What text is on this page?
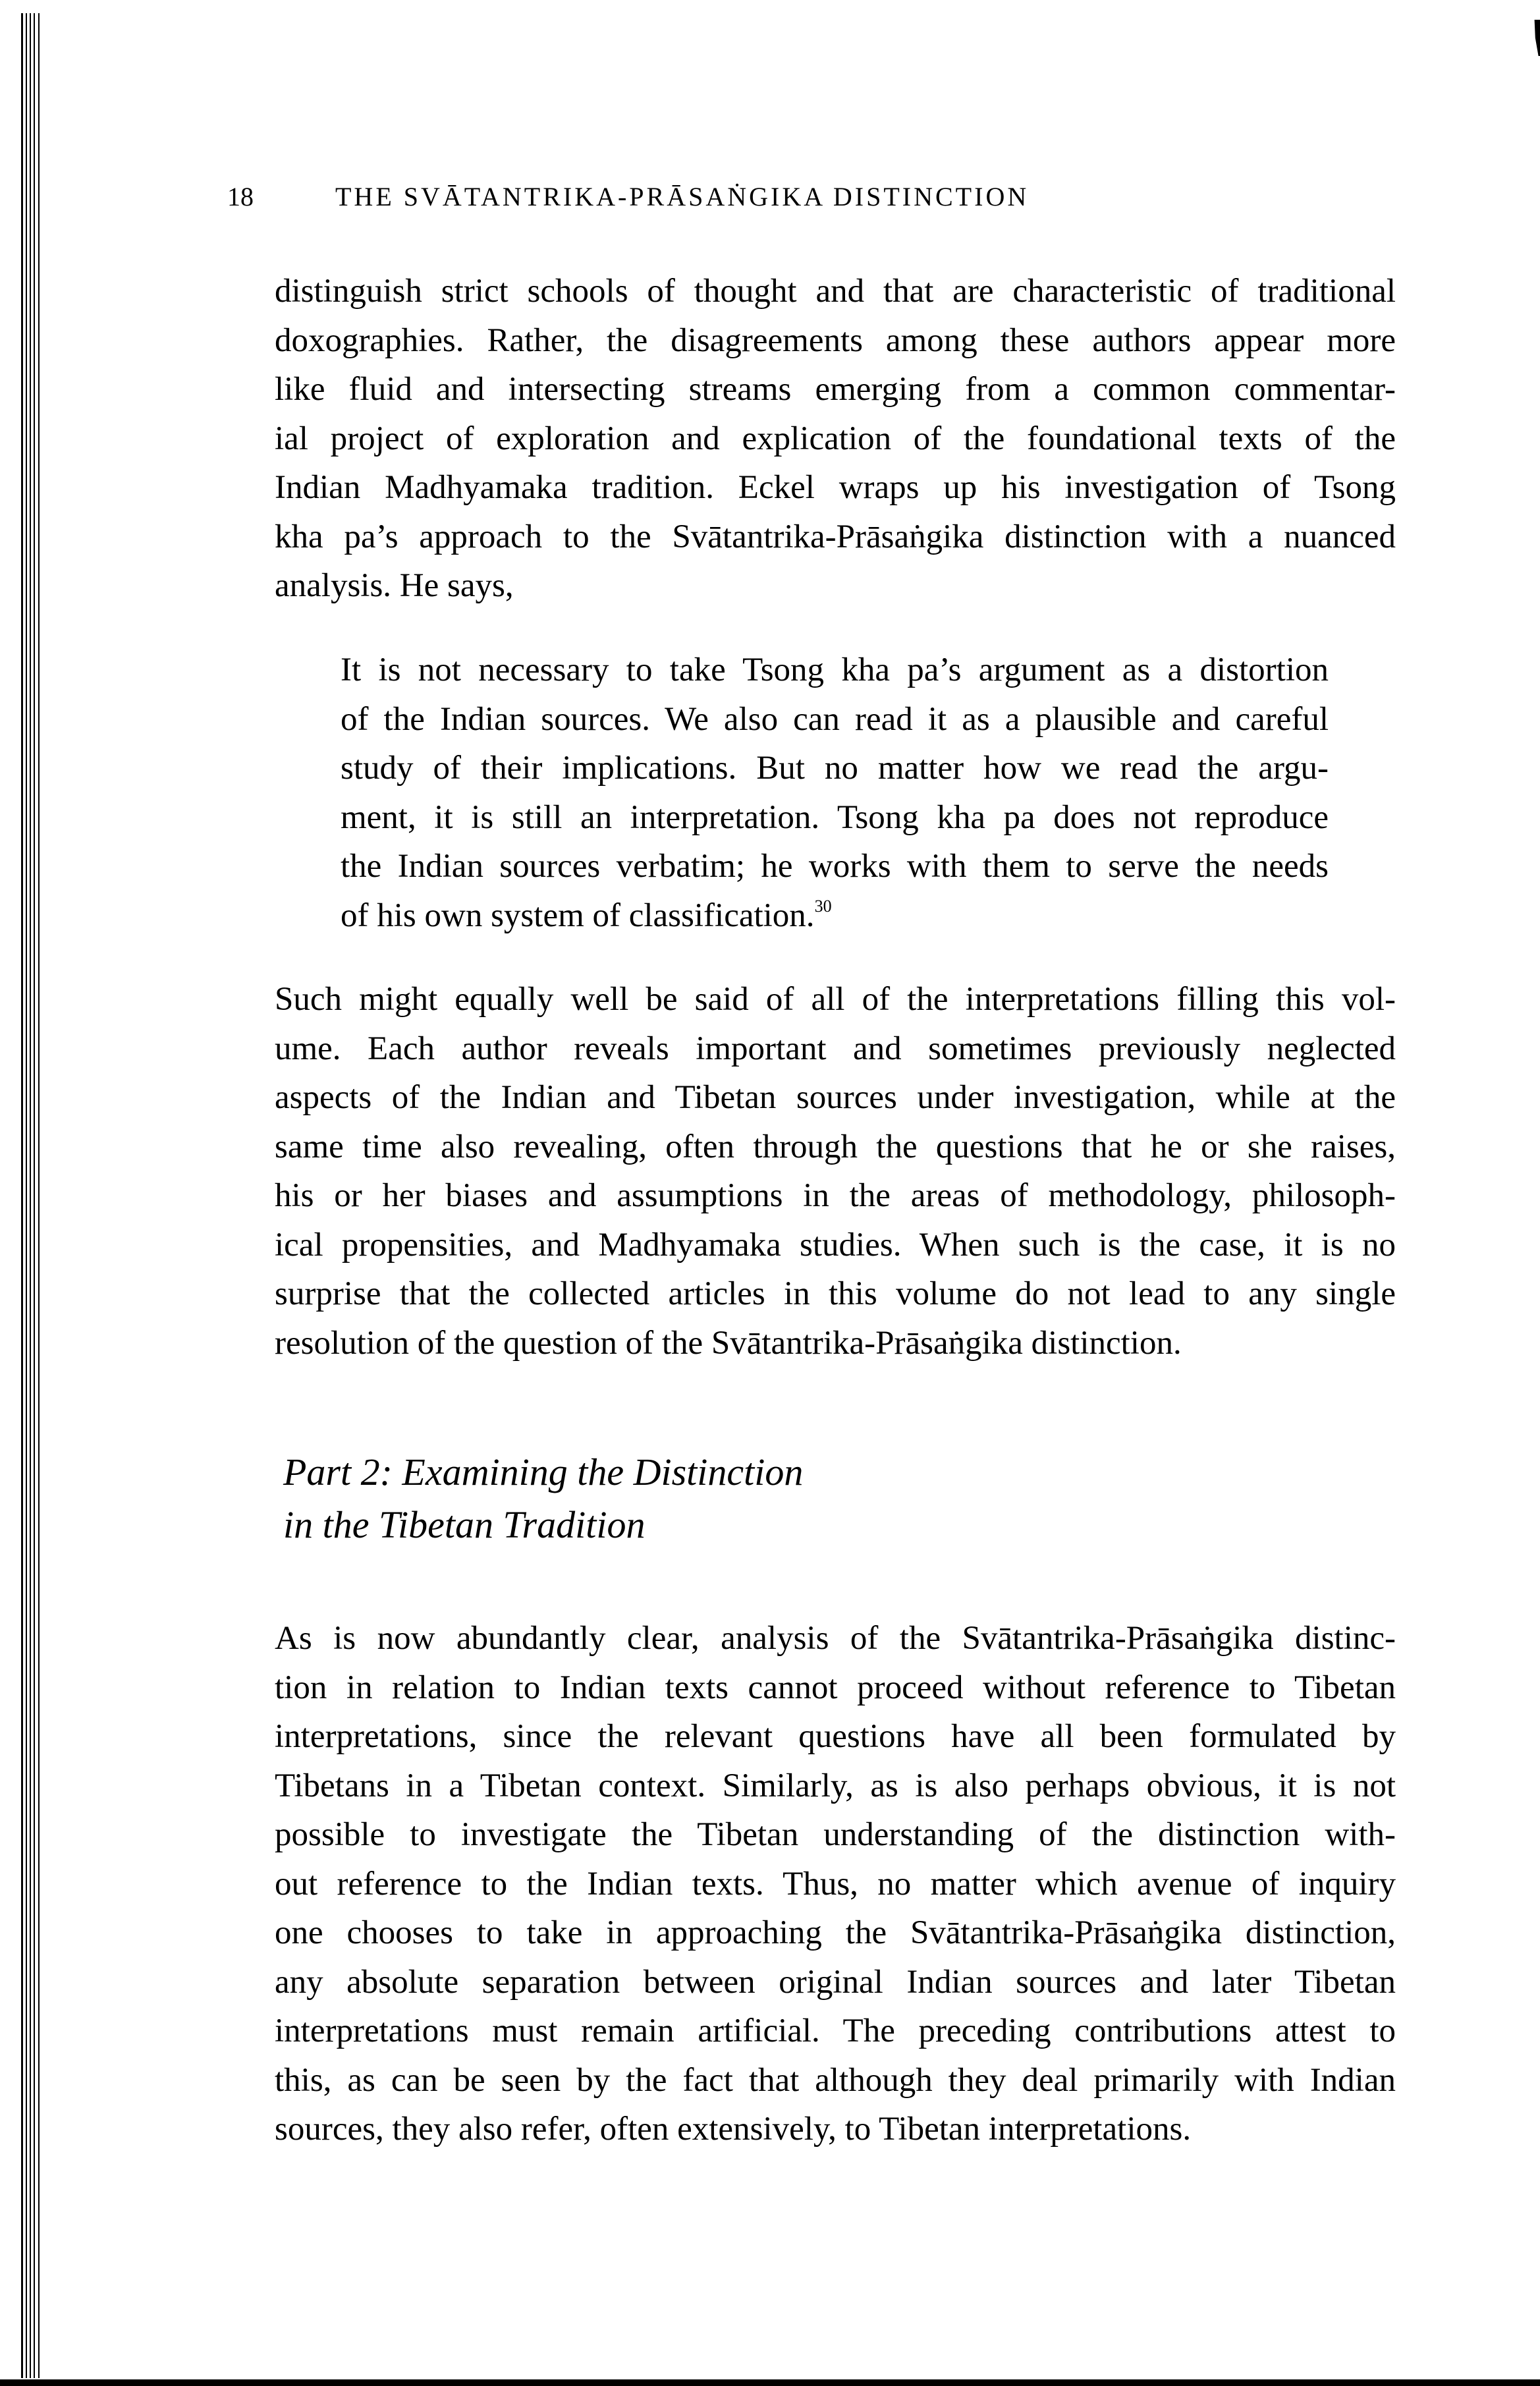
18	THE SVĀTANTRIKA-PRĀSAṄGIKA DISTINCTION
distinguish strict schools of thought and that are characteristic of traditional
doxographies. Rather, the disagreements among these authors appear more
like fluid and intersecting streams emerging from a common commentar-
ial project of exploration and explication of the foundational texts of the
Indian Madhyamaka tradition. Eckel wraps up his investigation of Tsong
kha pa’s approach to the Svātantrika-Prāsaṅgika distinction with a nuanced
analysis. He says,
It is not necessary to take Tsong kha pa’s argument as a distortion
of the Indian sources. We also can read it as a plausible and careful
study of their implications. But no matter how we read the argu-
ment, it is still an interpretation. Tsong kha pa does not reproduce
the Indian sources verbatim; he works with them to serve the needs
of his own system of classification.$^{30}$
Such might equally well be said of all of the interpretations filling this vol-
ume. Each author reveals important and sometimes previously neglected
aspects of the Indian and Tibetan sources under investigation, while at the
same time also revealing, often through the questions that he or she raises,
his or her biases and assumptions in the areas of methodology, philosoph-
ical propensities, and Madhyamaka studies. When such is the case, it is no
surprise that the collected articles in this volume do not lead to any single
resolution of the question of the Svātantrika-Prāsaṅgika distinction.
Part 2: Examining the Distinction
in the Tibetan Tradition
As is now abundantly clear, analysis of the Svātantrika-Prāsaṅgika distinc-
tion in relation to Indian texts cannot proceed without reference to Tibetan
interpretations, since the relevant questions have all been formulated by
Tibetans in a Tibetan context. Similarly, as is also perhaps obvious, it is not
possible to investigate the Tibetan understanding of the distinction with-
out reference to the Indian texts. Thus, no matter which avenue of inquiry
one chooses to take in approaching the Svātantrika-Prāsaṅgika distinction,
any absolute separation between original Indian sources and later Tibetan
interpretations must remain artificial. The preceding contributions attest to
this, as can be seen by the fact that although they deal primarily with Indian
sources, they also refer, often extensively, to Tibetan interpretations.
